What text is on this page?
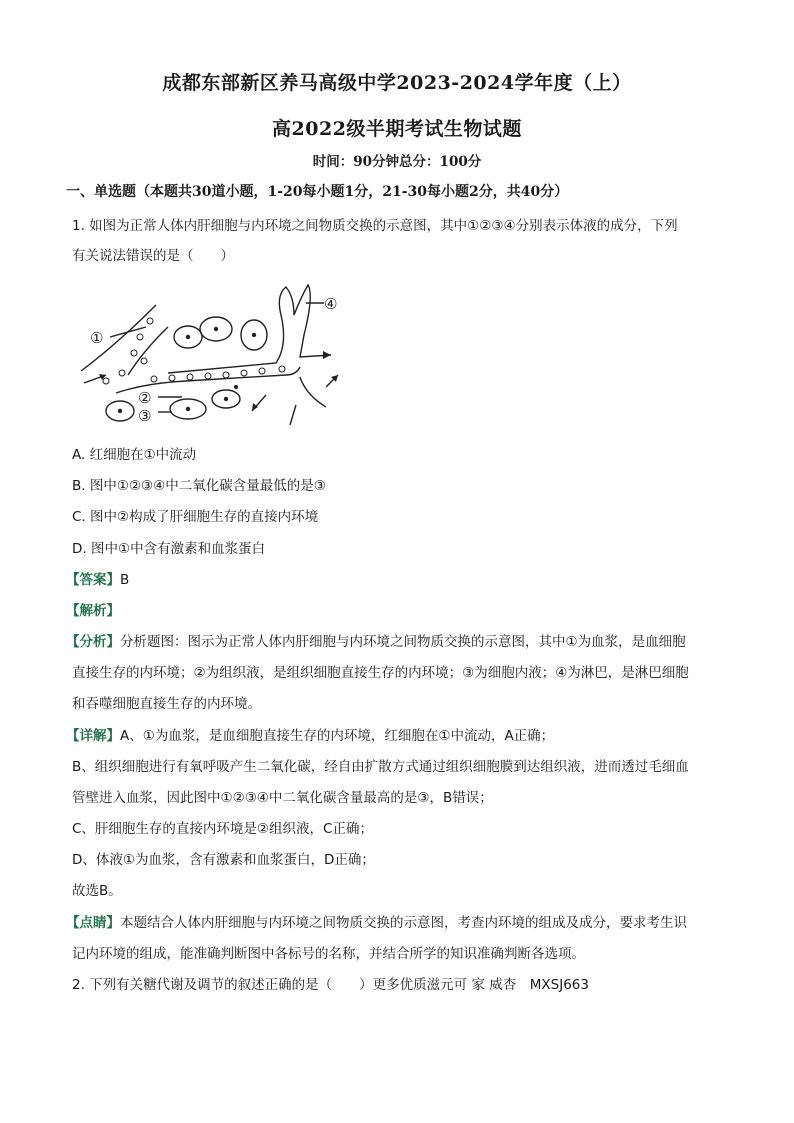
成都东部新区养马高级中学2023-2024学年度（上）
高2022级半期考试生物试题
时间：90分钟总分：100分
一、单选题（本题共30道小题，1-20每小题1分，21-30每小题2分，共40分）
1. 如图为正常人体内肝细胞与内环境之间物质交换的示意图，其中①②③④分别表示体液的成分，下列
有关说法错误的是（　　）
①
②
③
④
A. 红细胞在①中流动
B. 图中①②③④中二氧化碳含量最低的是③
C. 图中②构成了肝细胞生存的直接内环境
D. 图中①中含有激素和血浆蛋白
【答案】B
【解析】
【分析】分析题图：图示为正常人体内肝细胞与内环境之间物质交换的示意图，其中①为血浆，是血细胞
直接生存的内环境；②为组织液，是组织细胞直接生存的内环境；③为细胞内液；④为淋巴，是淋巴细胞
和吞噬细胞直接生存的内环境。
【详解】A、①为血浆，是血细胞直接生存的内环境，红细胞在①中流动，A正确；
B、组织细胞进行有氧呼吸产生二氧化碳，经自由扩散方式通过组织细胞膜到达组织液，进而透过毛细血
管壁进入血浆，因此图中①②③④中二氧化碳含量最高的是③，B错误；
C、肝细胞生存的直接内环境是②组织液，C正确；
D、体液①为血浆，含有激素和血浆蛋白，D正确；
故选B。
【点睛】本题结合人体内肝细胞与内环境之间物质交换的示意图，考查内环境的组成及成分，要求考生识
记内环境的组成，能准确判断图中各标号的名称，并结合所学的知识准确判断各选项。
2. 下列有关糖代谢及调节的叙述正确的是（　　）更多优质滋元可 家 威杏　MXSJ663
